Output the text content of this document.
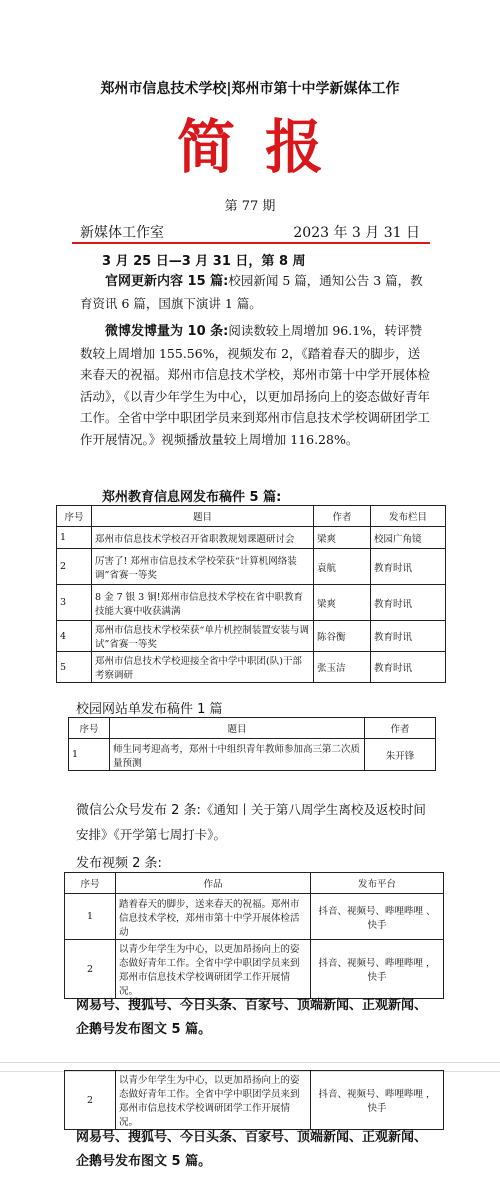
郑州市信息技术学校|郑州市第十中学新媒体工作
简报
第 77 期
新媒体工作室	2023 年 3 月 31 日
3 月 25 日—3 月 31 日，第 8 周
官网更新内容 15 篇:校园新闻 5 篇，通知公告 3 篇，教育资讯 6 篇，国旗下演讲 1 篇。
微博发博量为 10 条:阅读数较上周增加 96.1%，转评赞数较上周增加 155.56%，视频发布 2，《踏着春天的脚步，送来春天的祝福。郑州市信息技术学校，郑州市第十中学开展体检活动》，《以青少年学生为中心，以更加昂扬向上的姿态做好青年工作。全省中学中职团学员来到郑州市信息技术学校调研团学工作开展情况。》视频播放量较上周增加 116.28%。
郑州教育信息网发布稿件 5 篇:
序号	题目	作者	发布栏目
1	郑州市信息技术学校召开省职教规划课题研讨会	梁爽	校园广角镜
2	厉害了! 郑州市信息技术学校荣获“计算机网络装调”省赛一等奖	袁航	教育时讯
3	8 金 7 银 3 铜!郑州市信息技术学校在省中职教育技能大赛中收获满满	梁爽	教育时讯
4	郑州市信息技术学校荣获“单片机控制装置安装与调试”省赛一等奖	陈谷衡	教育时讯
5	郑州市信息技术学校迎接全省中学中职团(队)干部考察调研	张玉洁	教育时讯
校园网站单发布稿件 1 篇
序号	题目	作者
1	师生同考迎高考，郑州十中组织青年教师参加高三第二次质量预测	朱开锋
微信公众号发布 2 条:《通知丨关于第八周学生离校及返校时间安排》《开学第七周打卡》。
发布视频 2 条:
序号	作品	发布平台
1	踏着春天的脚步，送来春天的祝福。郑州市信息技术学校，郑州市第十中学开展体检活动	抖音、视频号、哔哩哔哩 、快手
2	以青少年学生为中心，以更加昂扬向上的姿态做好青年工作。全省中学中职团学员来到郑州市信息技术学校调研团学工作开展情况。	抖音、视频号、哔哩哔哩 ，快手
网易号、搜狐号、今日头条、百家号、顶端新闻、正观新闻、企鹅号发布图文 5 篇。
2	以青少年学生为中心，以更加昂扬向上的姿态做好青年工作。全省中学中职团学员来到郑州市信息技术学校调研团学工作开展情况。	抖音、视频号、哔哩哔哩 ，快手
网易号、搜狐号、今日头条、百家号、顶端新闻、正观新闻、企鹅号发布图文 5 篇。
